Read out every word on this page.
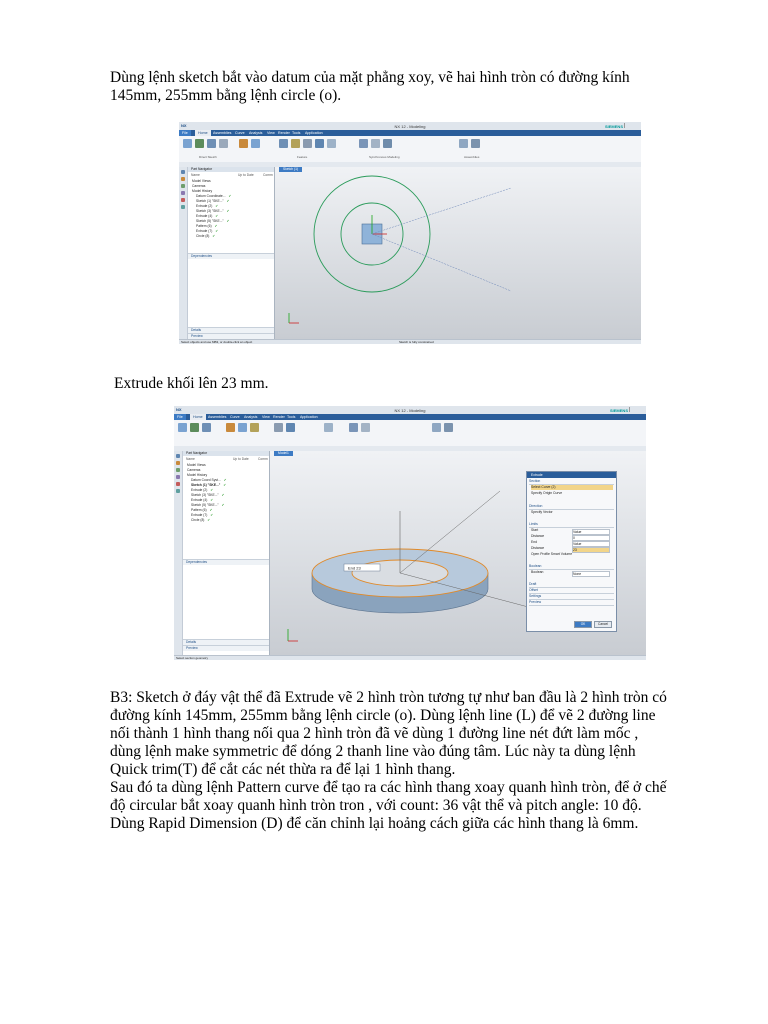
Dùng lệnh sketch bắt vào datum của mặt phẳng xoy, vẽ hai hình tròn có đường kính
145mm, 255mm bằng lệnh circle (o).
NX	NX 12 - Modeling	SIEMENS
File	Home	Assemblies Curve Analysis View Render Tools Application
Direct Sketch	Feature	Synchronous Modeling	Assemblies
Part Navigator
Name	Up to Date	Comm
Model Views
Cameras
Model History
Datum Coordinate... ✔
Sketch (1) "SKE..." ✔
Extrude (2) ✔
Sketch (3) "SKE..." ✔
Extrude (4) ✔
Sketch (5) "SKE..." ✔
Pattern (6) ✔
Extrude (7) ✔
Circle (8) ✔
Dependencies
Details
Preview
Sketch (1)
Select objects and use MB3, or double-click an object	Sketch is fully constrained
Extrude khối lên 23 mm.
NX	NX 12 - Modeling	SIEMENS
File	Home	Assemblies Curve Analysis View Render Tools Application
Part Navigator
Name	Up to Date	Comm
Model Views
Cameras
Model History
Datum Coord Syst... ✔
Sketch (1) "SKE..." ✔
Extrude (2) ✔
Sketch (3) "SKE..." ✔
Extrude (4) ✔
Sketch (5) "SKE..." ✔
Pattern (6) ✔
Extrude (7) ✔
Circle (8) ✔
Dependencies
Details
Preview
Model1
End 23
Extrude
Section
Select Curve (2)
Specify Origin Curve
Direction
Specify Vector
Limits
Start	Value
Distance	0
End	Value
Distance	23
Open Profile Smart Volume
Boolean
Boolean	None
Draft
Offset
Settings
Preview
OK	Cancel
Select section geometry
B3: Sketch ở đáy vật thể đã Extrude vẽ 2 hình tròn tương tự như ban đầu là 2 hình tròn có
đường kính 145mm, 255mm bằng lệnh circle (o). Dùng lệnh line (L) để vẽ 2 đường line
nối thành 1 hình thang nối qua 2 hình tròn đã vẽ dùng 1 đường line nét đứt làm mốc ,
dùng lệnh make symmetric để dóng 2 thanh line vào đúng tâm. Lúc này ta dùng lệnh
Quick trim(T) để cắt các nét thừa ra để lại 1 hình thang.
Sau đó ta dùng lệnh Pattern curve để tạo ra các hình thang xoay quanh hình tròn, để ở chế
độ circular bắt xoay quanh hình tròn tron , với count: 36 vật thể và pitch angle: 10 độ.
Dùng Rapid Dimension (D) để căn chỉnh lại hoảng cách giữa các hình thang là 6mm.
